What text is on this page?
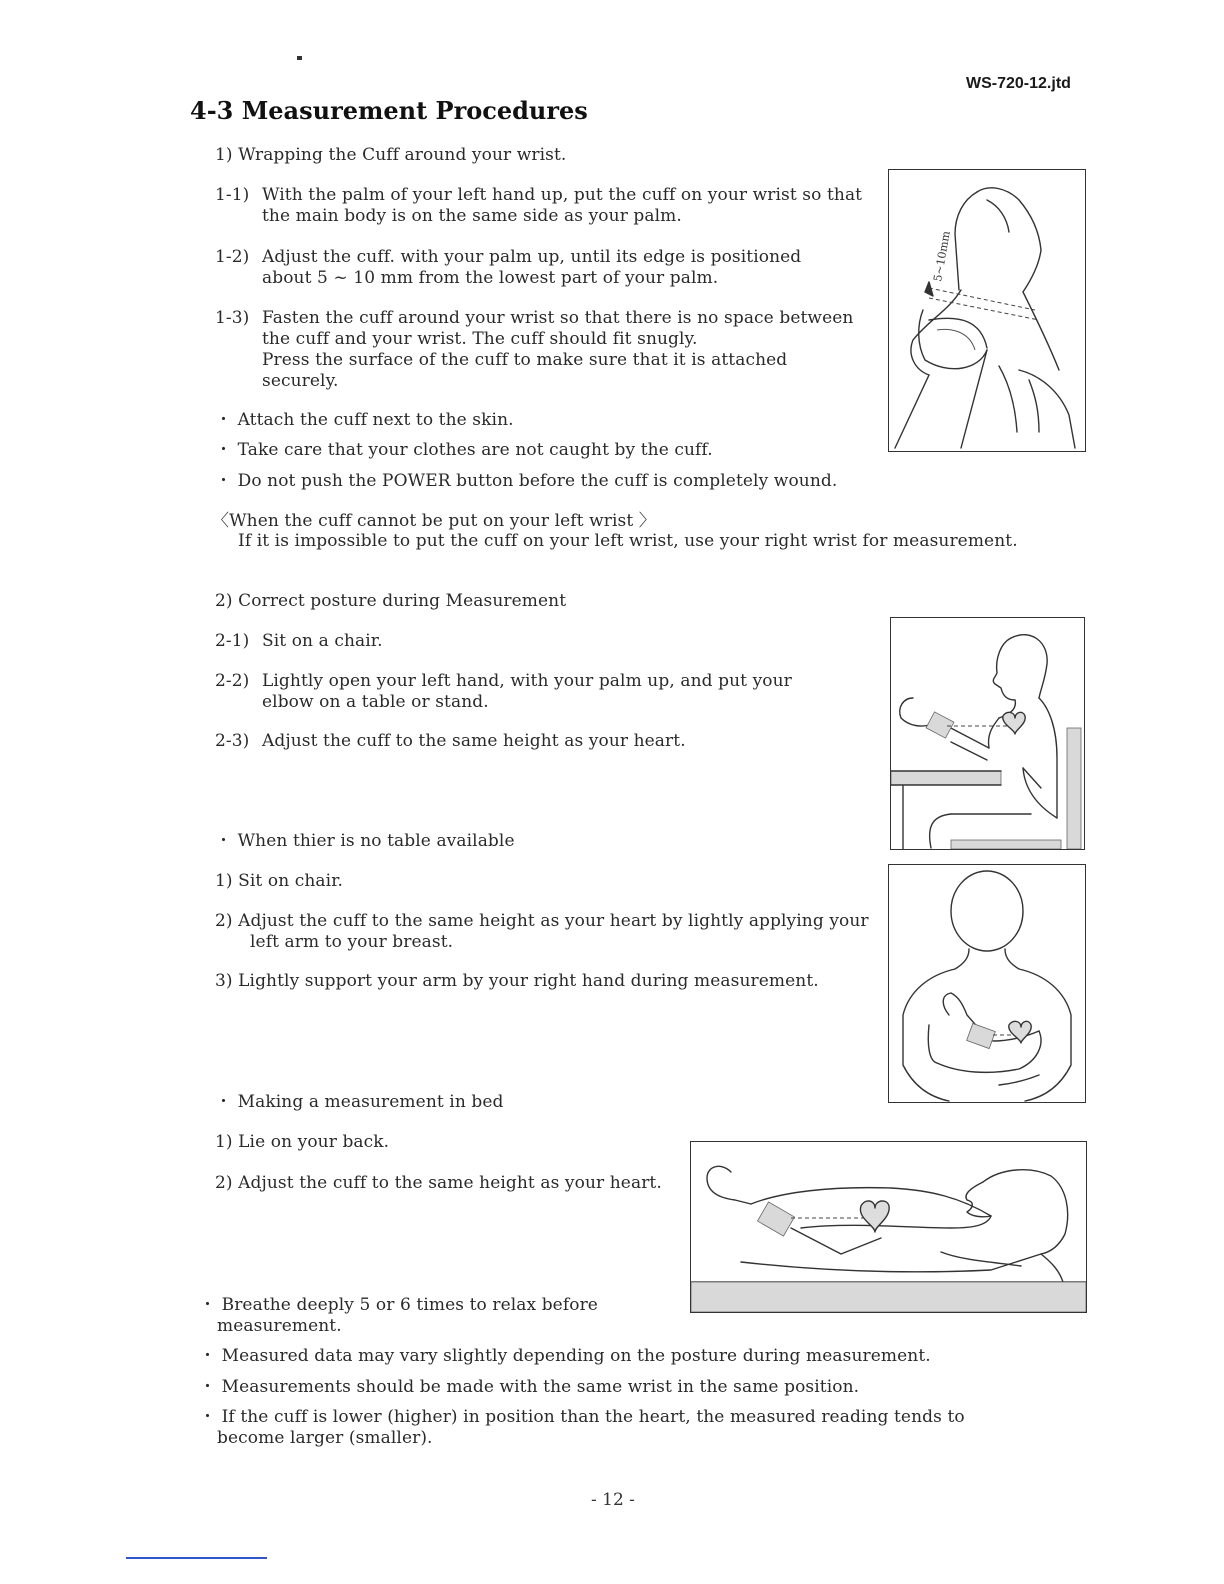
WS-720-12.jtd
4-3 Measurement Procedures
1) Wrapping the Cuff around your wrist.
1-1) With the palm of your left hand up, put the cuff on your wrist so that
the main body is on the same side as your palm.
1-2) Adjust the cuff. with your palm up, until its edge is positioned
about 5 ~ 10 mm from the lowest part of your palm.
1-3) Fasten the cuff around your wrist so that there is no space between
the cuff and your wrist. The cuff should fit snugly.
Press the surface of the cuff to make sure that it is attached
securely.
・ Attach the cuff next to the skin.
・ Take care that your clothes are not caught by the cuff.
・ Do not push the POWER button before the cuff is completely wound.
〈When the cuff cannot be put on your left wrist 〉
If it is impossible to put the cuff on your left wrist, use your right wrist for measurement.
5~10mm
2) Correct posture during Measurement
2-1) Sit on a chair.
2-2) Lightly open your left hand, with your palm up, and put your
elbow on a table or stand.
2-3) Adjust the cuff to the same height as your heart.
・ When thier is no table available
1) Sit on chair.
2) Adjust the cuff to the same height as your heart by lightly applying your
left arm to your breast.
3) Lightly support your arm by your right hand during measurement.
・ Making a measurement in bed
1) Lie on your back.
2) Adjust the cuff to the same height as your heart.
・ Breathe deeply 5 or 6 times to relax before
measurement.
・ Measured data may vary slightly depending on the posture during measurement.
・ Measurements should be made with the same wrist in the same position.
・ If the cuff is lower (higher) in position than the heart, the measured reading tends to
become larger (smaller).
- 12 -
